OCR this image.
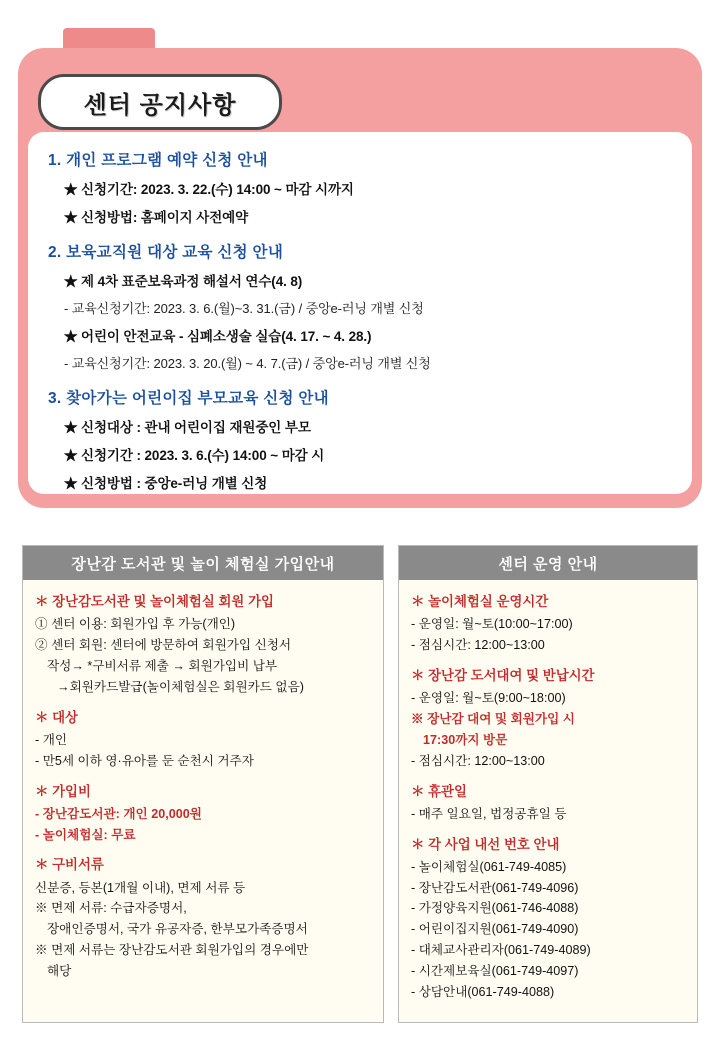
센터 공지사항
1. 개인 프로그램 예약 신청 안내
★ 신청기간: 2023. 3. 22.(수) 14:00 ~ 마감 시까지
★ 신청방법: 홈페이지 사전예약
2. 보육교직원 대상 교육 신청 안내
★ 제 4차 표준보육과정 해설서 연수(4. 8)
- 교육신청기간: 2023. 3. 6.(월)~3. 31.(금) / 중앙e-러닝 개별 신청
★ 어린이 안전교육 - 심폐소생술 실습(4. 17. ~ 4. 28.)
- 교육신청기간: 2023. 3. 20.(월) ~ 4. 7.(금) / 중앙e-러닝 개별 신청
3. 찾아가는 어린이집 부모교육 신청 안내
★ 신청대상 : 관내 어린이집 재원중인 부모
★ 신청기간 : 2023. 3. 6.(수) 14:00 ~ 마감 시
★ 신청방법 : 중앙e-러닝 개별 신청
장난감 도서관 및 놀이 체험실 가입안내
＊ 장난감도서관 및 놀이체험실 회원 가입
① 센터 이용: 회원가입 후 가능(개인)
② 센터 회원: 센터에 방문하여 회원가입 신청서
작성→ *구비서류 제출 → 회원가입비 납부
→회원카드발급(놀이체험실은 회원카드 없음)
＊ 대상
- 개인
- 만5세 이하 영·유아를 둔 순천시 거주자
＊ 가입비
- 장난감도서관: 개인 20,000원
- 놀이체험실: 무료
＊ 구비서류
신분증, 등본(1개월 이내), 면제 서류 등
※ 면제 서류: 수급자증명서,
장애인증명서, 국가 유공자증, 한부모가족증명서
※ 면제 서류는 장난감도서관 회원가입의 경우에만
해당
센터 운영 안내
＊ 놀이체험실 운영시간
- 운영일: 월~토(10:00~17:00)
- 점심시간: 12:00~13:00
＊ 장난감 도서대여 및 반납시간
- 운영일: 월~토(9:00~18:00)
※ 장난감 대여 및 회원가입 시
17:30까지 방문
- 점심시간: 12:00~13:00
＊ 휴관일
- 매주 일요일, 법정공휴일 등
＊ 각 사업 내선 번호 안내
- 놀이체험실(061-749-4085)
- 장난감도서관(061-749-4096)
- 가정양육지원(061-746-4088)
- 어린이집지원(061-749-4090)
- 대체교사관리자(061-749-4089)
- 시간제보육실(061-749-4097)
- 상담안내(061-749-4088)
